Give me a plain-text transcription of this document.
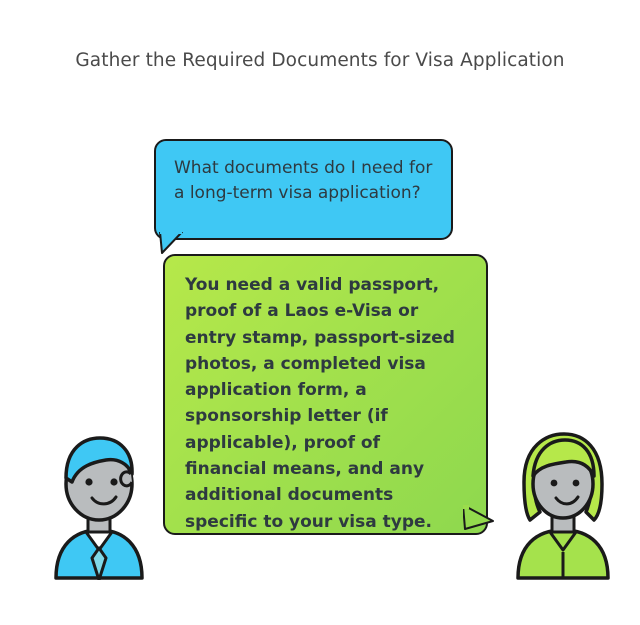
Gather the Required Documents for Visa Application
What documents do I need for a long-term visa application?
You need a valid passport, proof of a Laos e-Visa or entry stamp, passport-sized photos, a completed visa application form, a sponsorship letter (if applicable), proof of financial means, and any additional documents specific to your visa type.
